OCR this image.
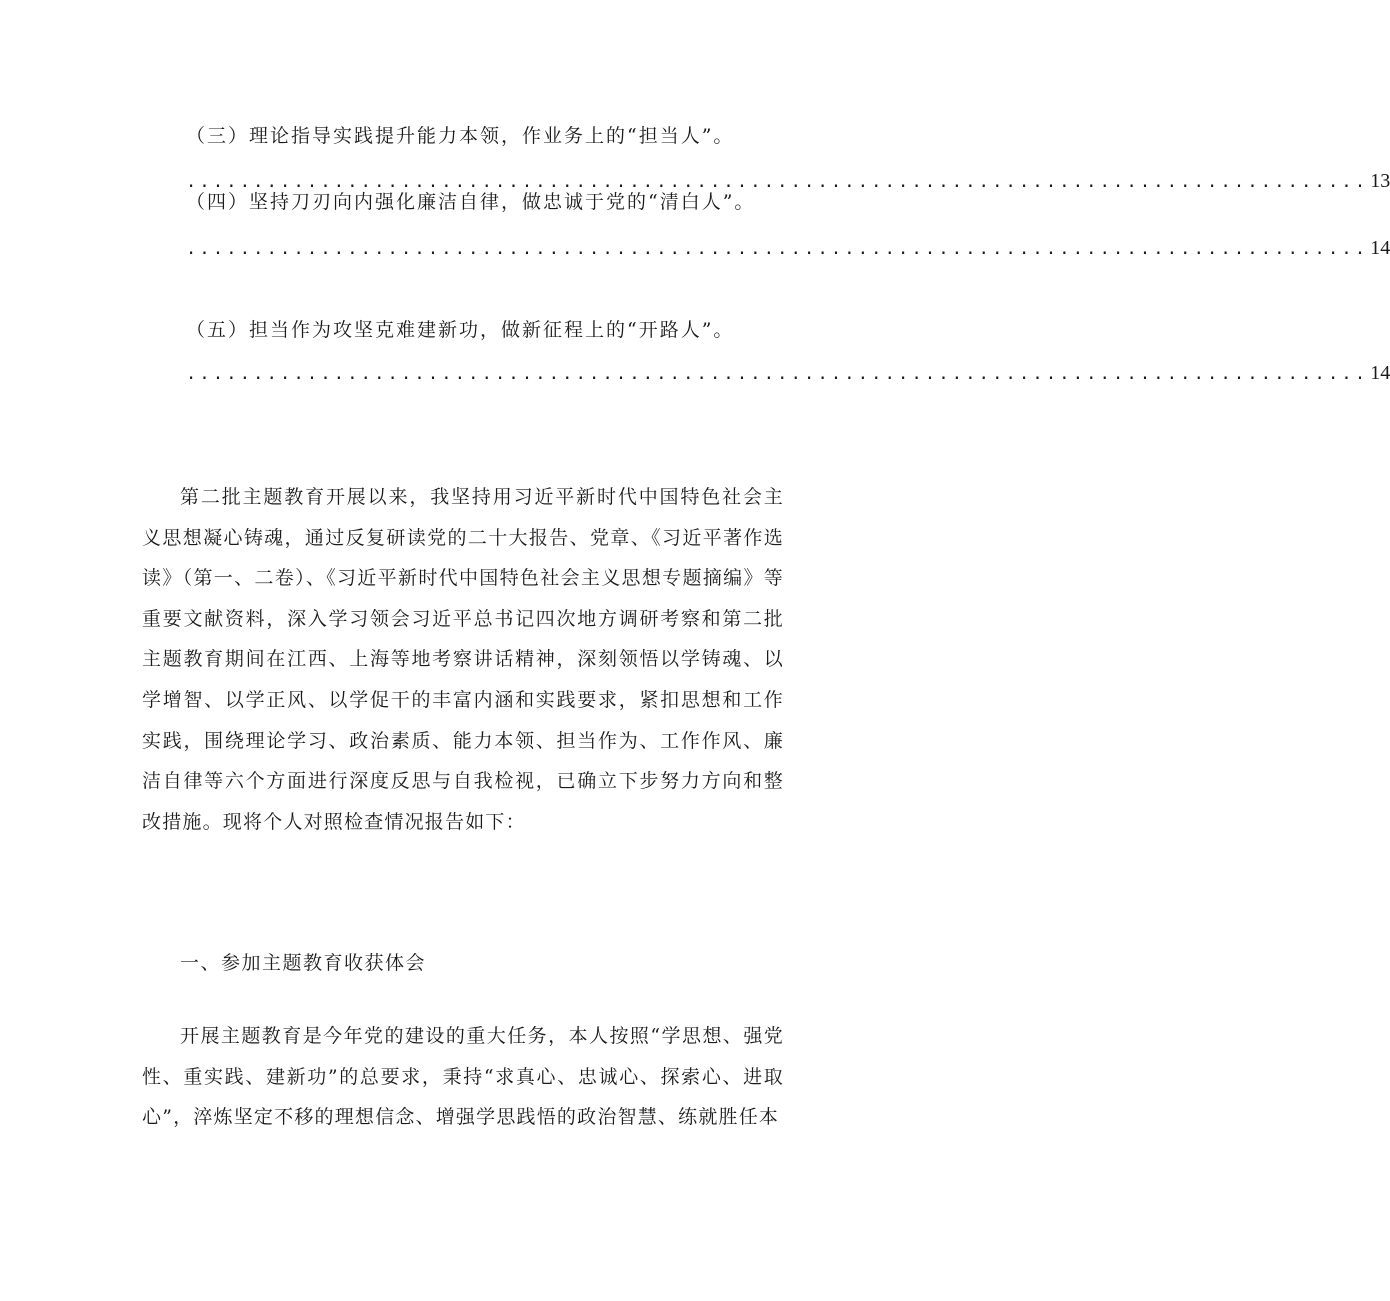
（三）理论指导实践提升能力本领，作业务上的“担当人”。
........................................................................................ 13
（四）坚持刀刃向内强化廉洁自律，做忠诚于党的“清白人”。
........................................................................................ 14
（五）担当作为攻坚克难建新功，做新征程上的“开路人”。
........................................................................................ 14

第二批主题教育开展以来，我坚持用习近平新时代中国特色社会主义思想凝心铸魂，通过反复研读党的二十大报告、党章、《习近平著作选读》（第一、二卷）、《习近平新时代中国特色社会主义思想专题摘编》等重要文献资料，深入学习领会习近平总书记四次地方调研考察和第二批主题教育期间在江西、上海等地考察讲话精神，深刻领悟以学铸魂、以学增智、以学正风、以学促干的丰富内涵和实践要求，紧扣思想和工作实践，围绕理论学习、政治素质、能力本领、担当作为、工作作风、廉洁自律等六个方面进行深度反思与自我检视，已确立下步努力方向和整改措施。现将个人对照检查情况报告如下：

一、参加主题教育收获体会

开展主题教育是今年党的建设的重大任务，本人按照“学思想、强党性、重实践、建新功”的总要求，秉持“求真心、忠诚心、探索心、进取心”，淬炼坚定不移的理想信念、增强学思践悟的政治智慧、练就胜任本
